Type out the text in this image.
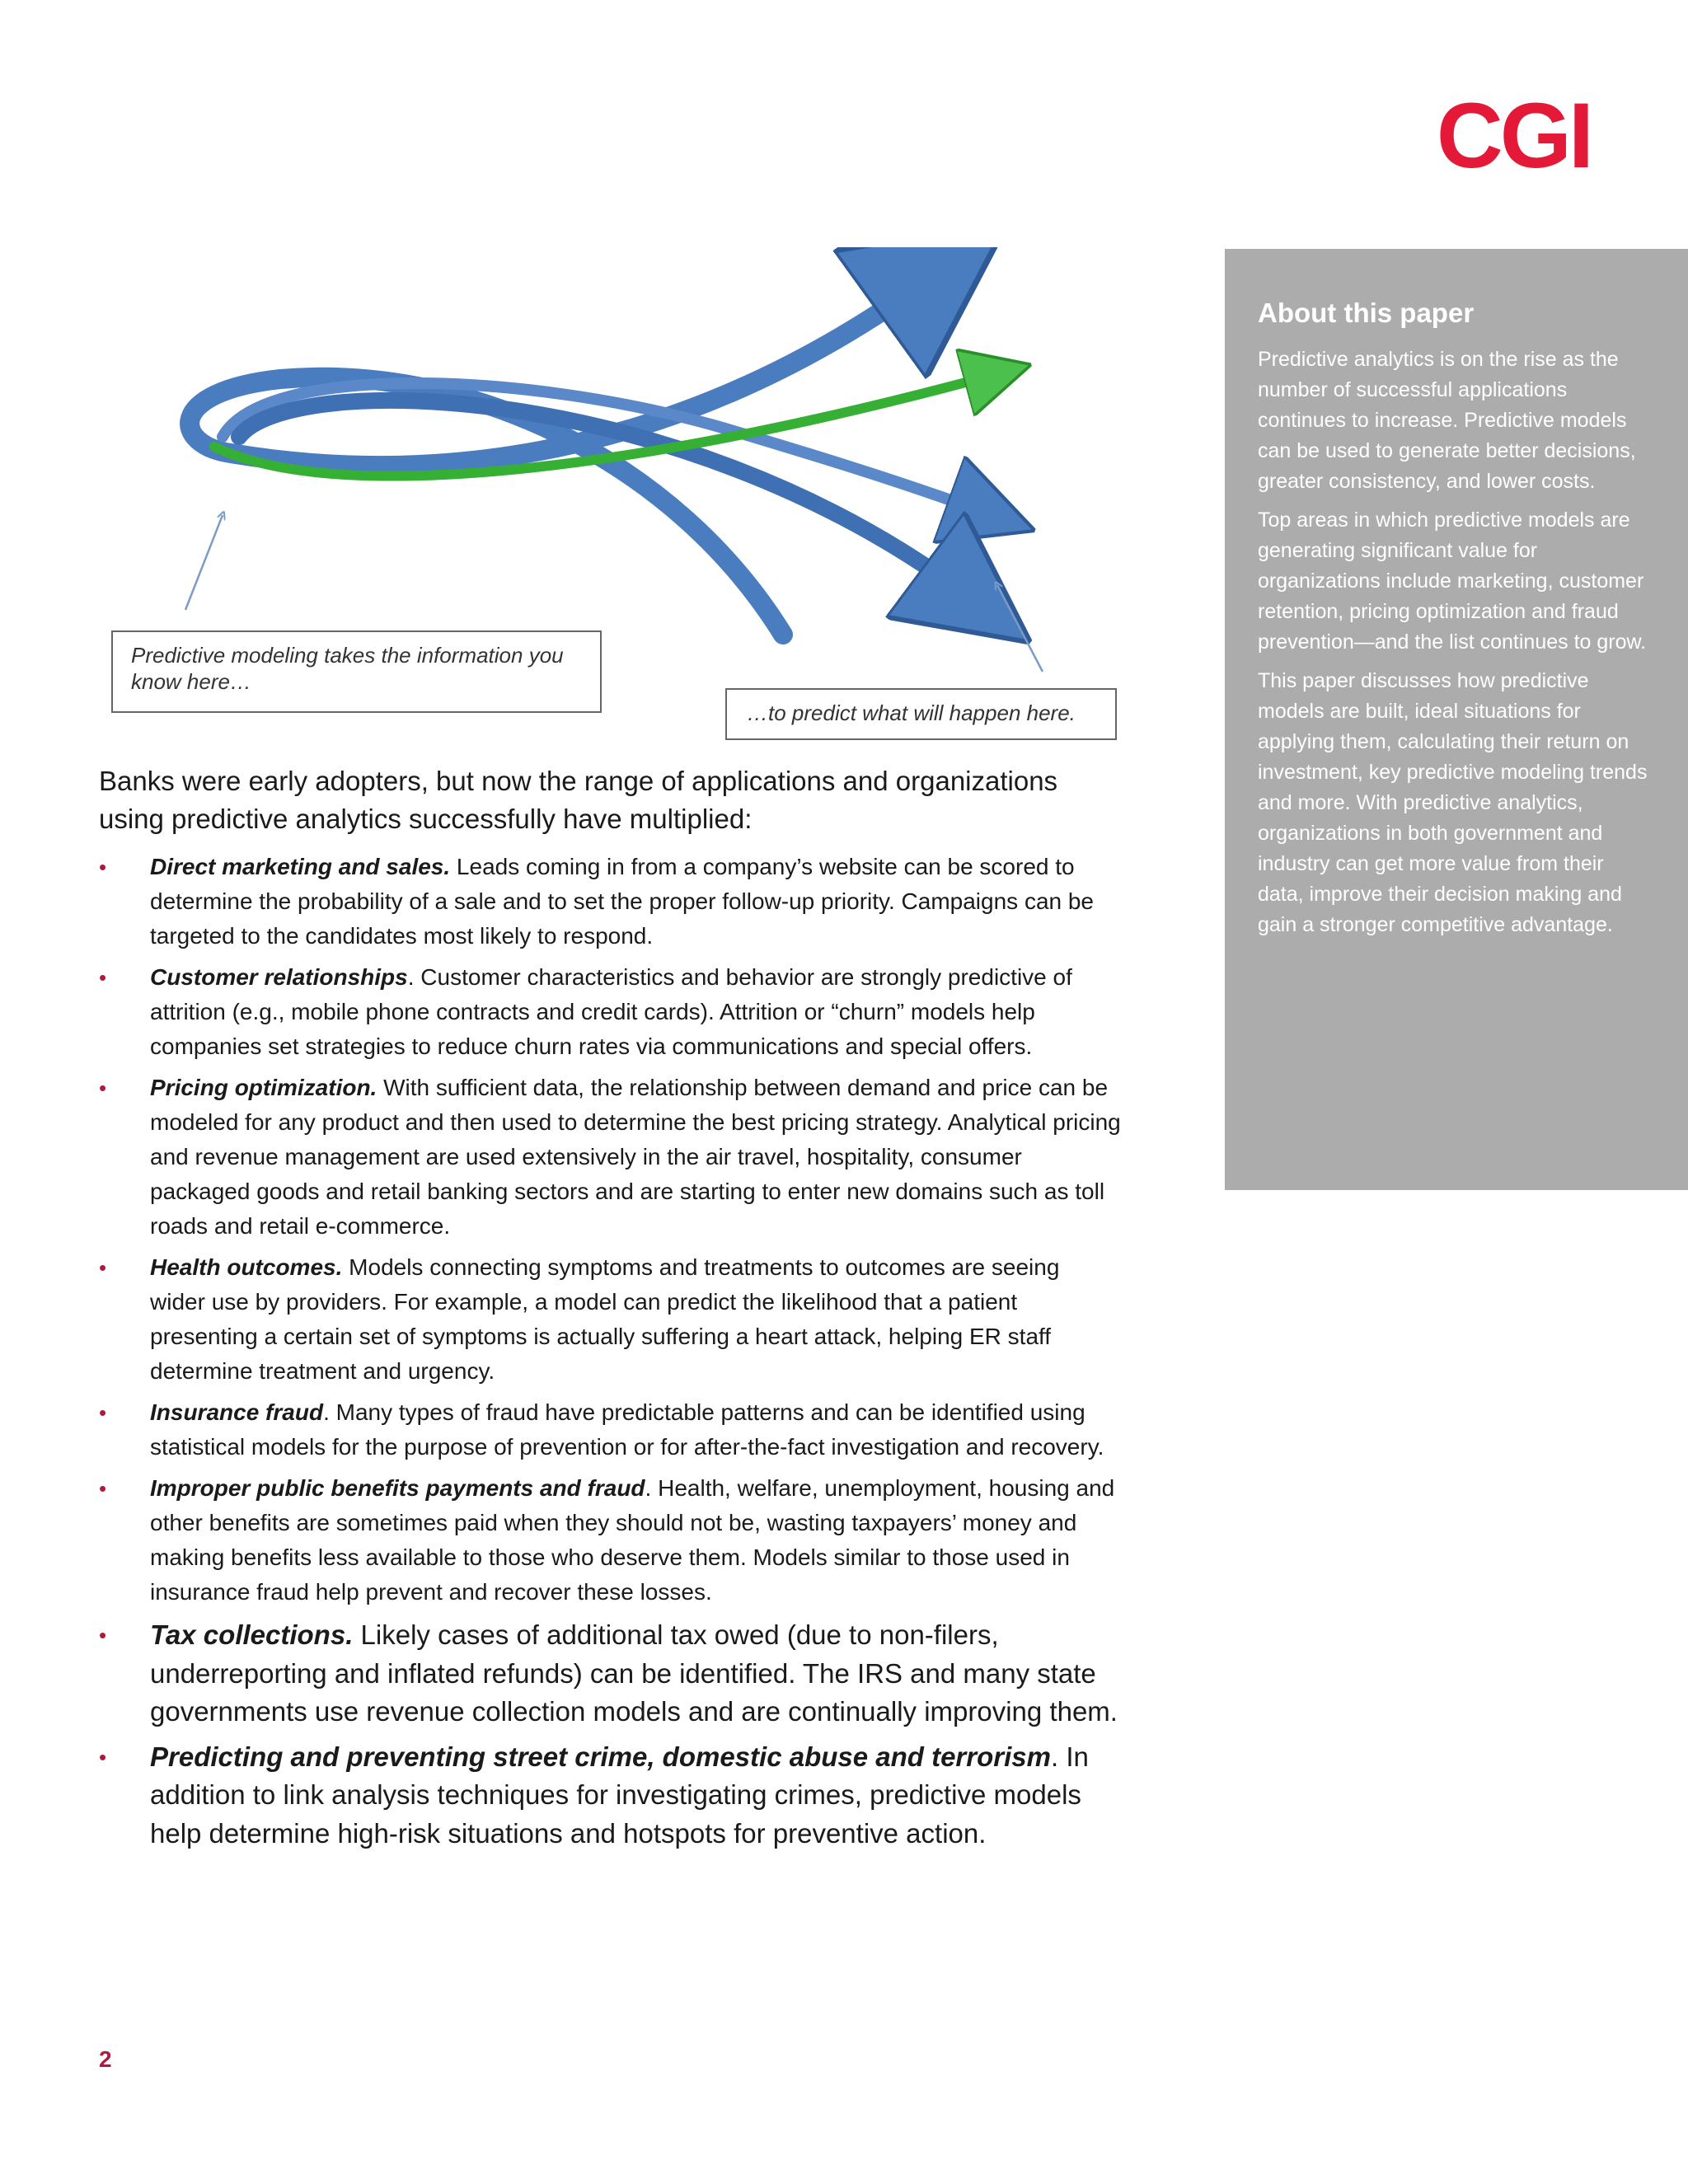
CGI
Predictive modeling takes the information you know here…
…to predict what will happen here.
About this paper

Predictive analytics is on the rise as the number of successful applications continues to increase. Predictive models can be used to generate better decisions, greater consistency, and lower costs.

Top areas in which predictive models are generating significant value for organizations include marketing, customer retention, pricing optimization and fraud prevention—and the list continues to grow.

This paper discusses how predictive models are built, ideal situations for applying them, calculating their return on investment, key predictive modeling trends and more. With predictive analytics, organizations in both government and industry can get more value from their data, improve their decision making and gain a stronger competitive advantage.

Banks were early adopters, but now the range of applications and organizations using predictive analytics successfully have multiplied:

• Direct marketing and sales. Leads coming in from a company’s website can be scored to determine the probability of a sale and to set the proper follow-up priority. Campaigns can be targeted to the candidates most likely to respond.
• Customer relationships. Customer characteristics and behavior are strongly predictive of attrition (e.g., mobile phone contracts and credit cards). Attrition or “churn” models help companies set strategies to reduce churn rates via communications and special offers.
• Pricing optimization. With sufficient data, the relationship between demand and price can be modeled for any product and then used to determine the best pricing strategy. Analytical pricing and revenue management are used extensively in the air travel, hospitality, consumer packaged goods and retail banking sectors and are starting to enter new domains such as toll roads and retail e-commerce.
• Health outcomes. Models connecting symptoms and treatments to outcomes are seeing wider use by providers. For example, a model can predict the likelihood that a patient presenting a certain set of symptoms is actually suffering a heart attack, helping ER staff determine treatment and urgency.
• Insurance fraud. Many types of fraud have predictable patterns and can be identified using statistical models for the purpose of prevention or for after-the-fact investigation and recovery.
• Improper public benefits payments and fraud. Health, welfare, unemployment, housing and other benefits are sometimes paid when they should not be, wasting taxpayers’ money and making benefits less available to those who deserve them. Models similar to those used in insurance fraud help prevent and recover these losses.
• Tax collections. Likely cases of additional tax owed (due to non-filers, underreporting and inflated refunds) can be identified. The IRS and many state governments use revenue collection models and are continually improving them.
• Predicting and preventing street crime, domestic abuse and terrorism. In addition to link analysis techniques for investigating crimes, predictive models help determine high-risk situations and hotspots for preventive action.
2
